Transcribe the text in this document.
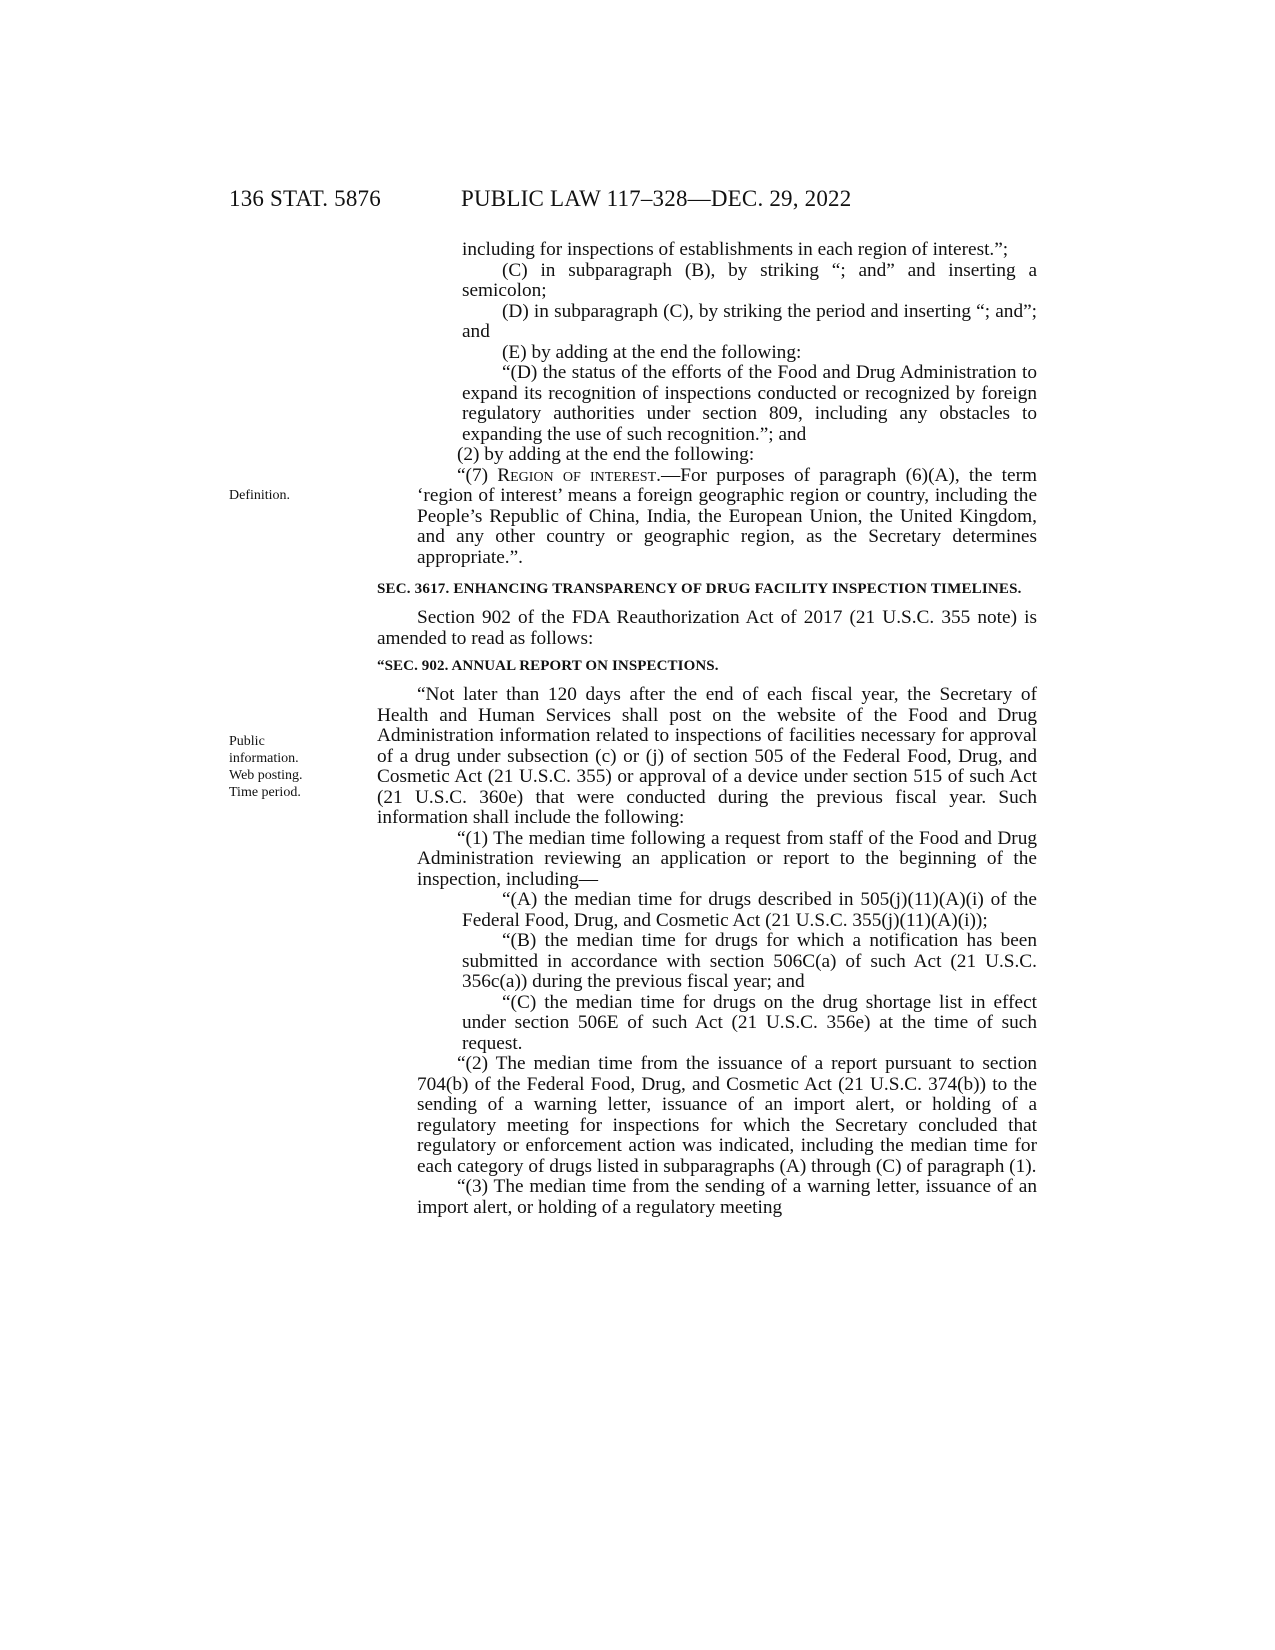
136 STAT. 5876	PUBLIC LAW 117–328—DEC. 29, 2022
Definition.
Public
information.
Web posting.
Time period.

including for inspections of establishments in each region of interest.”;

(C) in subparagraph (B), by striking “; and” and inserting a semicolon;

(D) in subparagraph (C), by striking the period and inserting “; and”; and

(E) by adding at the end the following:

“(D) the status of the efforts of the Food and Drug Administration to expand its recognition of inspections conducted or recognized by foreign regulatory authorities under section 809, including any obstacles to expanding the use of such recognition.”; and

(2) by adding at the end the following:

“(7) Region of interest.—For purposes of paragraph (6)(A), the term ‘region of interest’ means a foreign geographic region or country, including the People’s Republic of China, India, the European Union, the United Kingdom, and any other country or geographic region, as the Secretary determines appropriate.”.

SEC. 3617. ENHANCING TRANSPARENCY OF DRUG FACILITY INSPECTION TIMELINES.

Section 902 of the FDA Reauthorization Act of 2017 (21 U.S.C. 355 note) is amended to read as follows:

“SEC. 902. ANNUAL REPORT ON INSPECTIONS.

“Not later than 120 days after the end of each fiscal year, the Secretary of Health and Human Services shall post on the website of the Food and Drug Administration information related to inspections of facilities necessary for approval of a drug under subsection (c) or (j) of section 505 of the Federal Food, Drug, and Cosmetic Act (21 U.S.C. 355) or approval of a device under section 515 of such Act (21 U.S.C. 360e) that were conducted during the previous fiscal year. Such information shall include the following:

“(1) The median time following a request from staff of the Food and Drug Administration reviewing an application or report to the beginning of the inspection, including—

“(A) the median time for drugs described in 505(j)(11)(A)(i) of the Federal Food, Drug, and Cosmetic Act (21 U.S.C. 355(j)(11)(A)(i));

“(B) the median time for drugs for which a notification has been submitted in accordance with section 506C(a) of such Act (21 U.S.C. 356c(a)) during the previous fiscal year; and

“(C) the median time for drugs on the drug shortage list in effect under section 506E of such Act (21 U.S.C. 356e) at the time of such request.

“(2) The median time from the issuance of a report pursuant to section 704(b) of the Federal Food, Drug, and Cosmetic Act (21 U.S.C. 374(b)) to the sending of a warning letter, issuance of an import alert, or holding of a regulatory meeting for inspections for which the Secretary concluded that regulatory or enforcement action was indicated, including the median time for each category of drugs listed in subparagraphs (A) through (C) of paragraph (1).

“(3) The median time from the sending of a warning letter, issuance of an import alert, or holding of a regulatory meeting
